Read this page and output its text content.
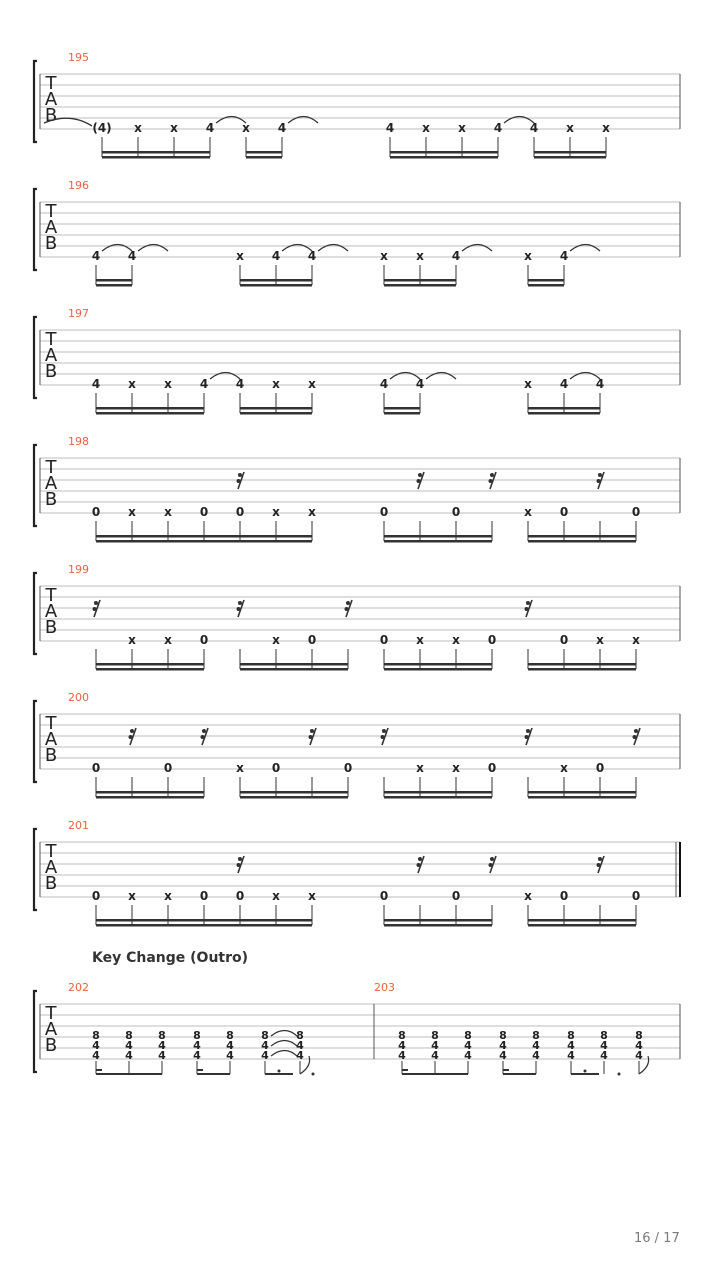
T
A
B
195
(4) x x 4 x 4	4 x x 4 4 x x
T
A
B
196
4 4	x 4 4	x x 4	x 4
T
A
B
197
4 x x 4 4 x x	4 4	x 4 4
T
A
B
198
0 x x 0 0 x x	0	0	x 0	0
T
A
B
199
x x 0	x 0	0 x x 0	0 x x
T
A
B
200
0	0	x 0	0	x x 0	x 0
T
A
B
201
0 x x 0 0 x x	0	0	x 0	0
T
A
B
202
8
4
4
8
4
4
8
4
4
8
4
4
8
4
4
8
4
4
8
4
4
203
8
4
4
8
4
4
8
4
4
8
4
4
8
4
4
8
4
4
8
4
4
8
4
4
Key Change (Outro)
16 / 17
